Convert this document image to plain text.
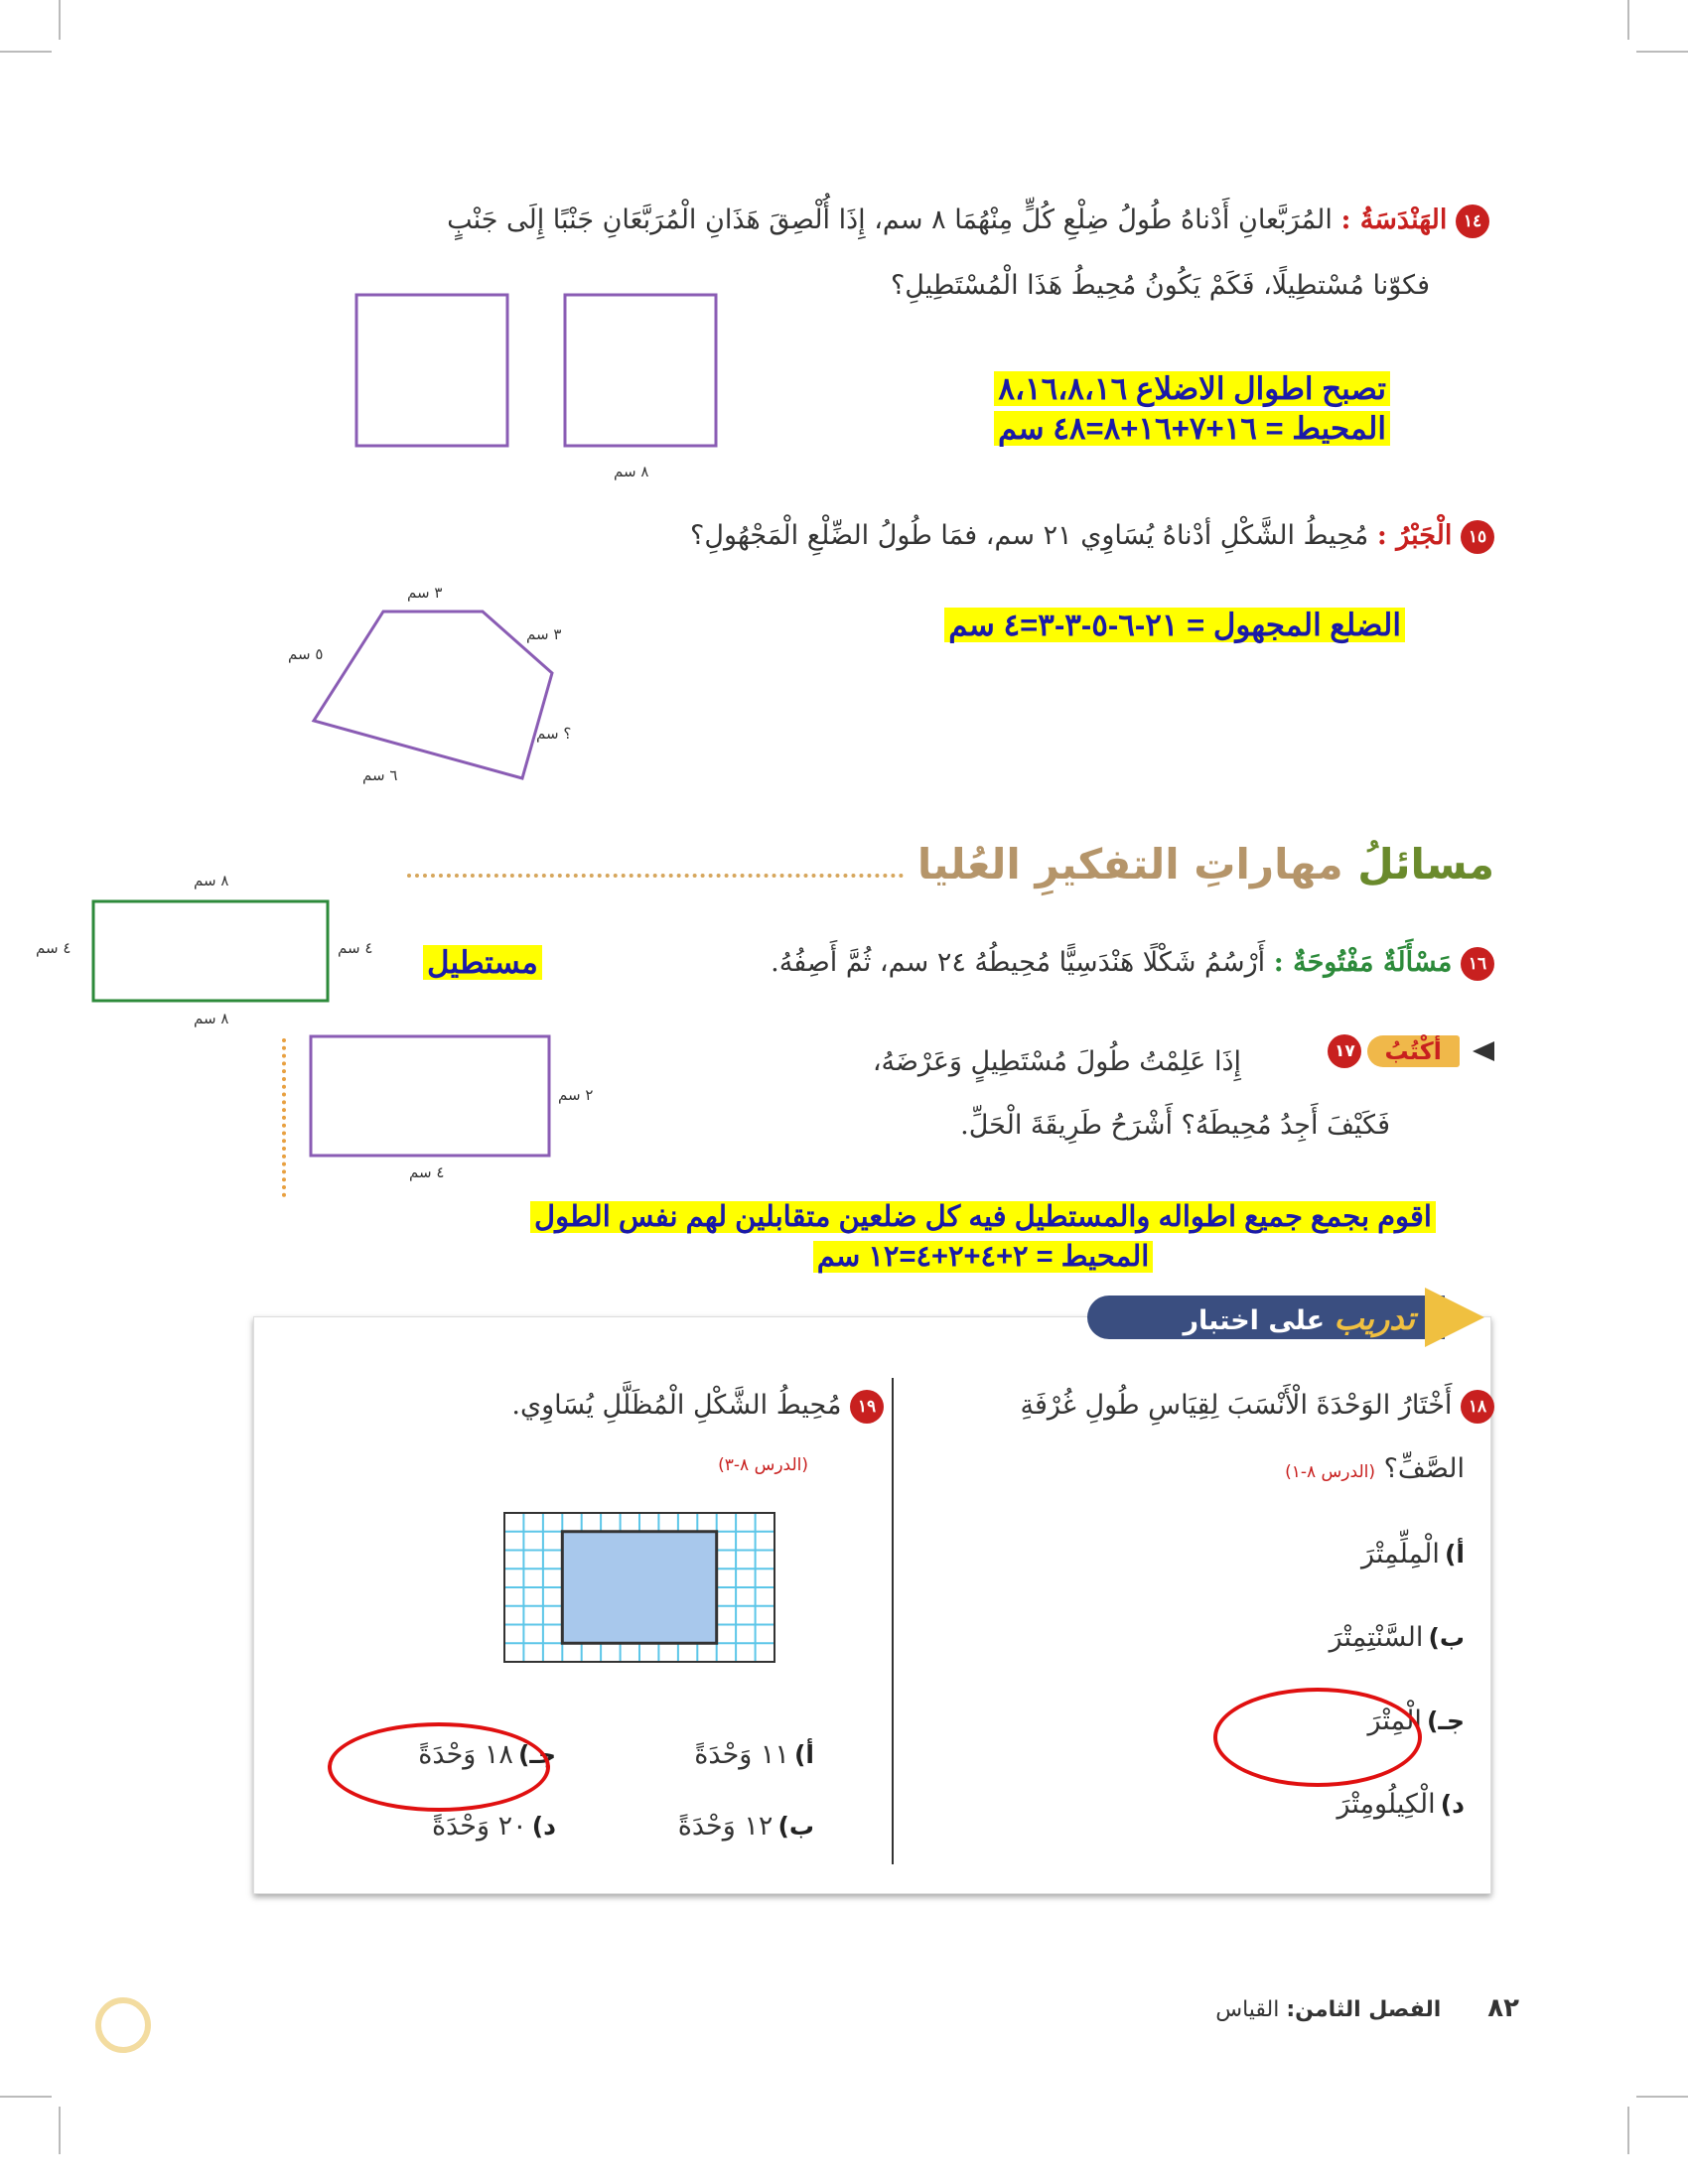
١٤ الهَنْدَسَةُ : المُرَبَّعانِ أَدْناهُ طُولُ ضِلْعِ كُلٍّ مِنْهُمَا ٨ سم، إِذَا أُلْصِقَ هَذَانِ الْمُرَبَّعَانِ جَنْبًا إِلَى جَنْبٍ
فكوّنا مُسْتطِيلًا، فَكَمْ يَكُونُ مُحِيطُ هَذَا الْمُسْتَطِيلِ؟
٨ سم
تصبح اطوال الاضلاع ٨،١٦،٨،١٦
المحيط = ١٦+٧+١٦+٨=٤٨ سم
١٥ الْجَبْرُ : مُحِيطُ الشَّكْلِ أدْناهُ يُسَاوِي ٢١ سم، فمَا طُولُ الضِّلْعِ الْمَجْهُولِ؟
٣ سم
٣ سم
٥ سم
؟ سم
٦ سم
الضلع المجهول = ٢١-٦-٥-٣-٣=٤ سم
مسائلُ مهاراتِ التفكيرِ العُليا
٨ سم
٨ سم
٤ سم	٤ سم
١٦ مَسْأَلَةٌ مَفْتُوحَةٌ : أَرْسُمُ شَكْلًا هَنْدَسِيًّا مُحِيطُهُ ٢٤ سم، ثُمَّ أَصِفُهُ.
مستطيل
٢ سم
٤ سم
١٧ أكْتُبُ
إِذَا عَلِمْتُ طُولَ مُسْتَطِيلٍ وَعَرْضَهُ،
فَكَيْفَ أَجِدُ مُحِيطَهُ؟ أَشْرَحُ طَرِيقَةَ الْحَلِّ.
اقوم بجمع جميع اطواله والمستطيل فيه كل ضلعين متقابلين لهم نفس الطول
المحيط = ٢+٤+٢+٤=١٢ سم
تدريب على اختبار
١٨ أَخْتَارُ الوَحْدَةَ الْأَنْسَبَ لِقِيَاسِ طُولِ غُرْفَةِ
الصَّفِّ؟ (الدرس ٨-١)
أ) الْمِلِّمِتْرَ
ب) السَّنْتِمِتْرَ
جـ) الْمِتْرَ
د) الْكِيلُومِتْرَ
١٩ مُحِيطُ الشَّكْلِ الْمُظَلَّلِ يُسَاوِي.
(الدرس ٨-٣)
أ) ١١ وَحْدَةً
ب) ١٢ وَحْدَةً
جـ) ١٨ وَحْدَةً
د) ٢٠ وَحْدَةً
٨٢ الفصل الثامن: القياس
